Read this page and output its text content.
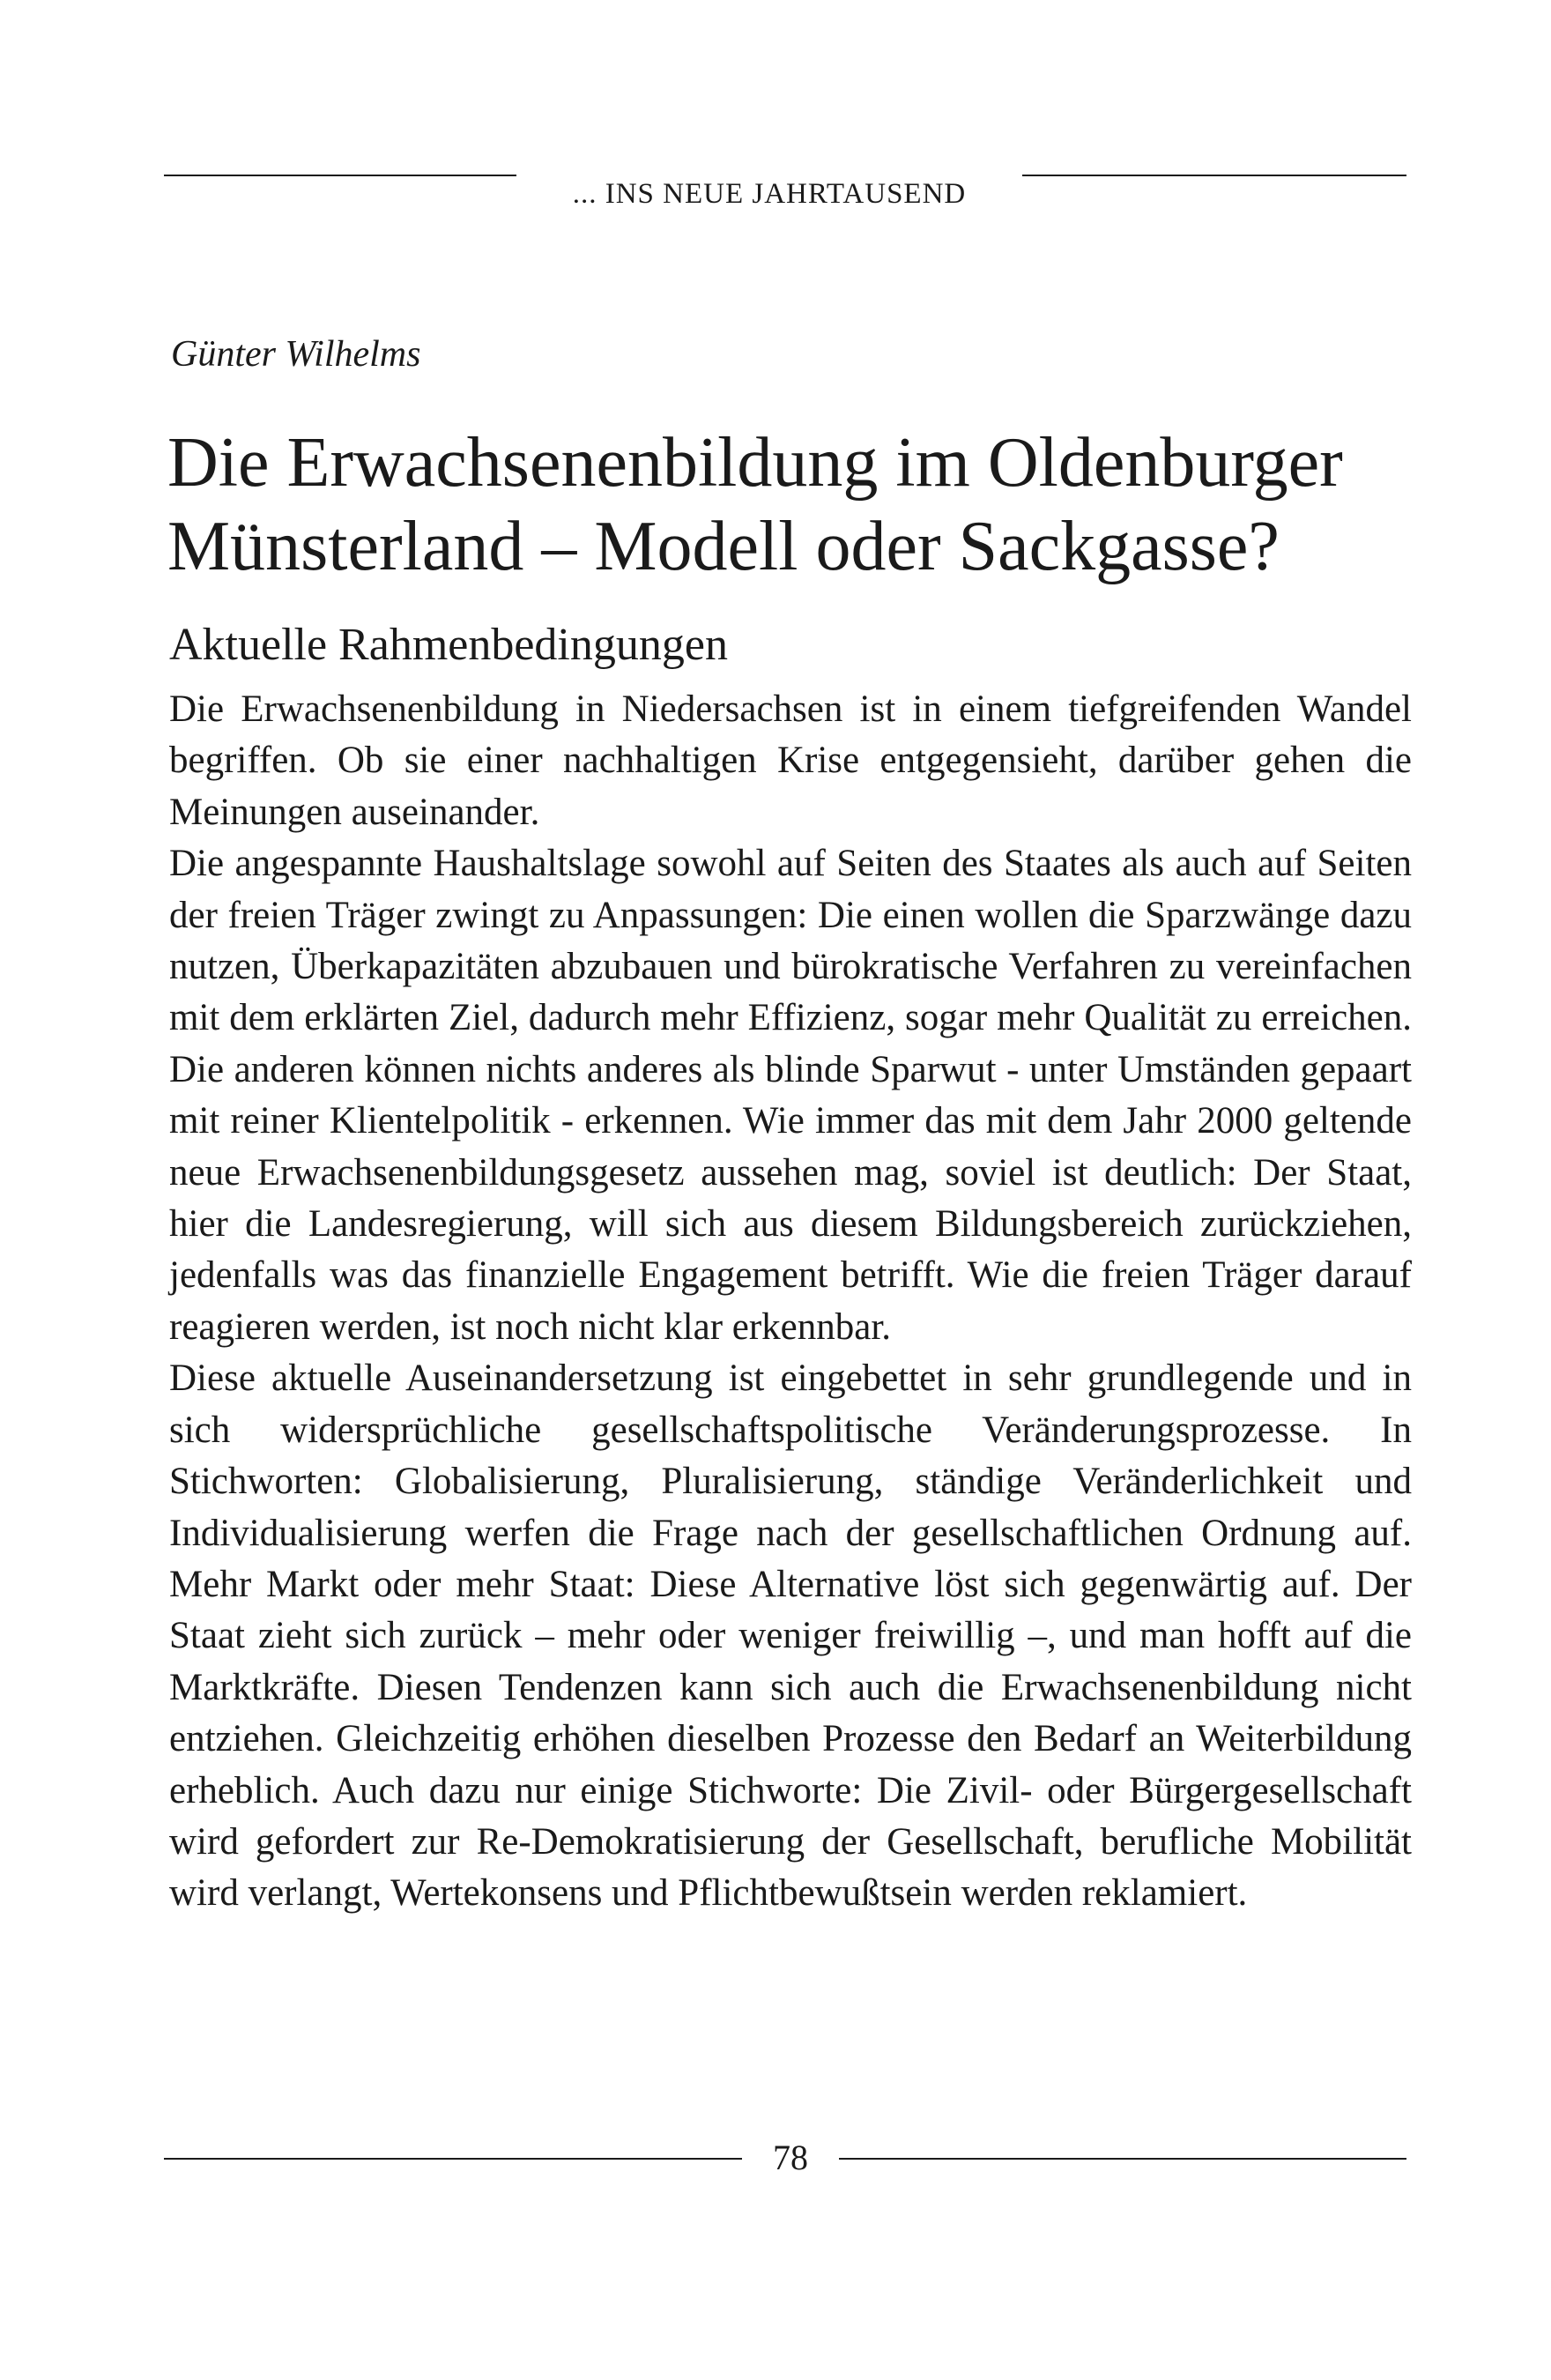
... INS NEUE JAHRTAUSEND
Günter Wilhelms
Die Erwachsenenbildung im Oldenburger
Münsterland – Modell oder Sackgasse?
Aktuelle Rahmenbedingungen

Die Erwachsenenbildung in Niedersachsen ist in einem tiefgreifenden Wandel begriffen. Ob sie einer nachhaltigen Krise entgegensieht, darüber gehen die Meinungen auseinander.

Die angespannte Haushaltslage sowohl auf Seiten des Staates als auch auf Seiten der freien Träger zwingt zu Anpassungen: Die einen wollen die Sparzwänge dazu nutzen, Überkapazitäten abzubauen und bürokratische Verfahren zu vereinfachen mit dem erklärten Ziel, dadurch mehr Effizienz, sogar mehr Qualität zu erreichen. Die anderen können nichts anderes als blinde Sparwut - unter Umständen gepaart mit reiner Klientelpolitik - erkennen. Wie immer das mit dem Jahr 2000 geltende neue Erwachsenenbildungsgesetz aussehen mag, soviel ist deutlich: Der Staat, hier die Landesregierung, will sich aus diesem Bildungsbereich zurückziehen, jedenfalls was das finanzielle Engagement betrifft. Wie die freien Träger darauf reagieren werden, ist noch nicht klar erkennbar.

Diese aktuelle Auseinandersetzung ist eingebettet in sehr grundlegende und in sich widersprüchliche gesellschaftspolitische Veränderungsprozesse. In Stichworten: Globalisierung, Pluralisierung, ständige Veränderlichkeit und Individualisierung werfen die Frage nach der gesellschaftlichen Ordnung auf. Mehr Markt oder mehr Staat: Diese Alternative löst sich gegenwärtig auf. Der Staat zieht sich zurück – mehr oder weniger freiwillig –, und man hofft auf die Marktkräfte. Diesen Tendenzen kann sich auch die Erwachsenenbildung nicht entziehen. Gleichzeitig erhöhen dieselben Prozesse den Bedarf an Weiterbildung erheblich. Auch dazu nur einige Stichworte: Die Zivil- oder Bürgergesellschaft wird gefordert zur Re-Demokratisierung der Gesellschaft, berufliche Mobilität wird verlangt, Wertekonsens und Pflichtbewußtsein werden reklamiert.

78
